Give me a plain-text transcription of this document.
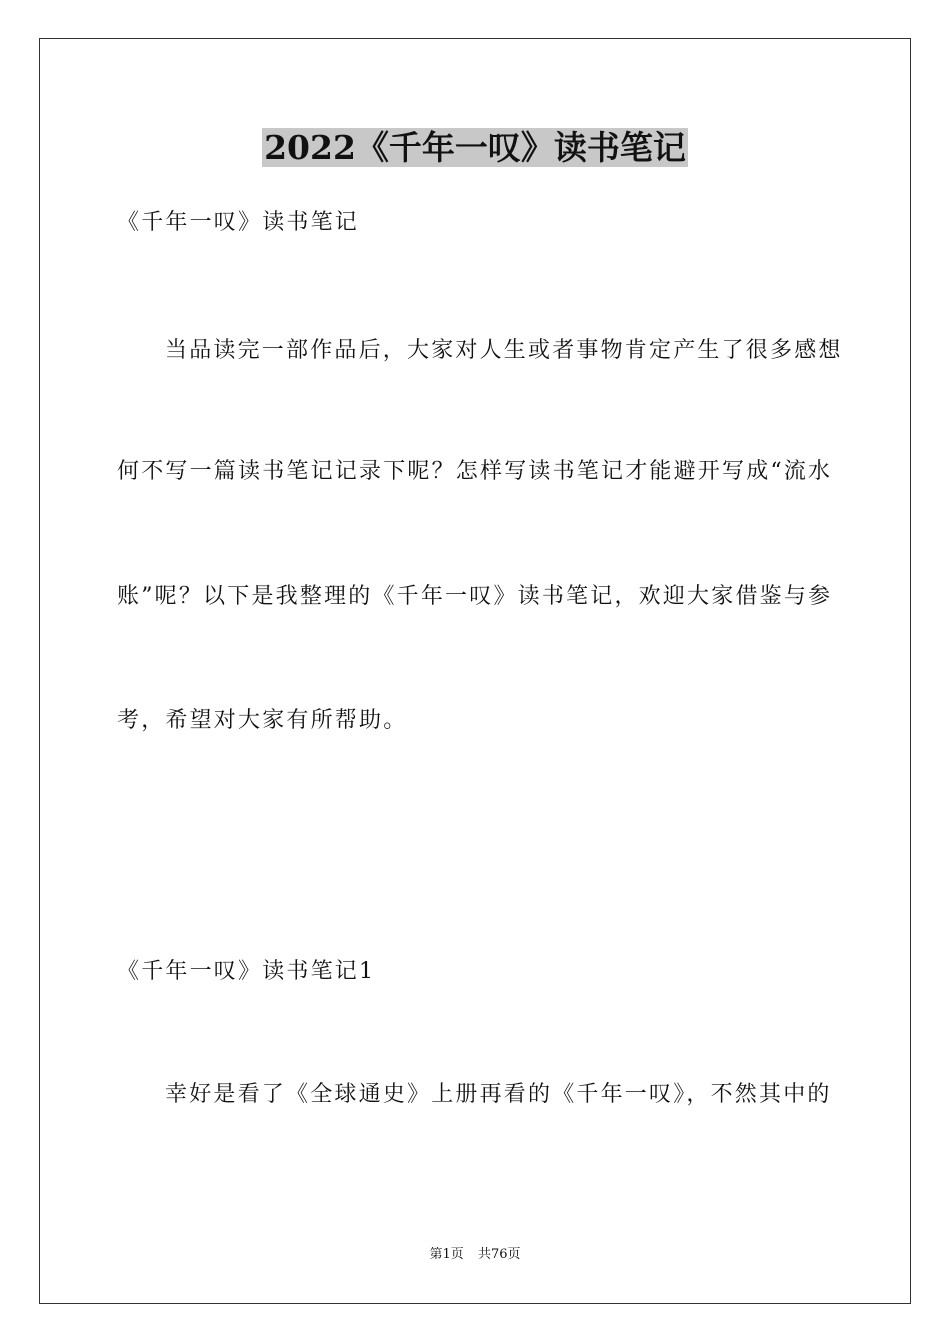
2022《千年一叹》读书笔记

《千年一叹》读书笔记

当品读完一部作品后，大家对人生或者事物肯定产生了很多感想

何不写一篇读书笔记记录下呢？怎样写读书笔记才能避开写成“流水

账”呢？以下是我整理的《千年一叹》读书笔记，欢迎大家借鉴与参

考，希望对大家有所帮助。

《千年一叹》读书笔记1

幸好是看了《全球通史》上册再看的《千年一叹》，不然其中的

第1页 共76页
